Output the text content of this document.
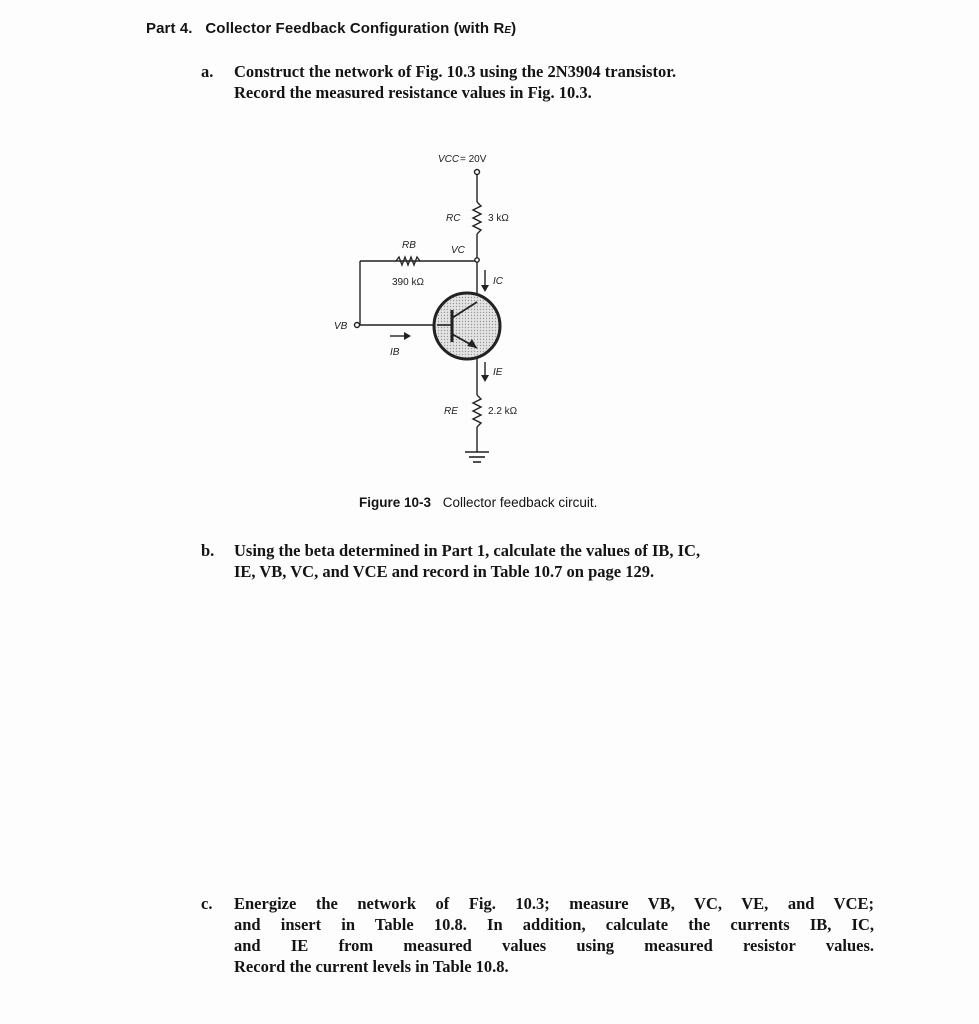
Part 4. Collector Feedback Configuration (with RE)
a. Construct the network of Fig. 10.3 using the 2N3904 transistor.
Record the measured resistance values in Fig. 10.3.
VCC = 20V
RC	3 kΩ
RB
390 kΩ
VC
IC
VB
IB
IE
RE	2.2 kΩ
Figure 10-3 Collector feedback circuit.
b. Using the beta determined in Part 1, calculate the values of IB, IC,
IE, VB, VC, and VCE and record in Table 10.7 on page 129.
c. Energize the network of Fig. 10.3; measure VB, VC, VE, and VCE;
and insert in Table 10.8. In addition, calculate the currents IB, IC,
and IE from measured values using measured resistor values.
Record the current levels in Table 10.8.
